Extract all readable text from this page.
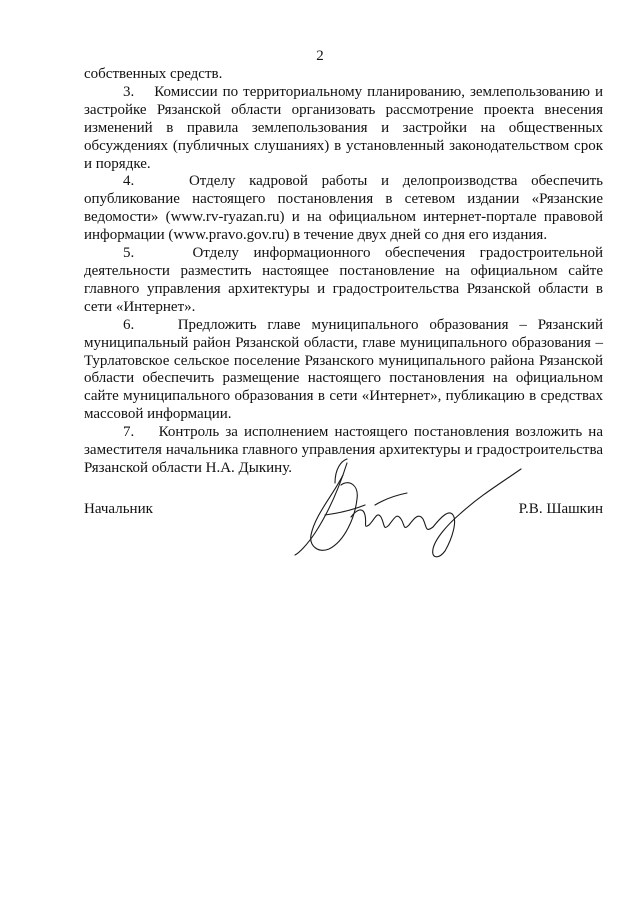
2

собственных средств.

3.    Комиссии по территориальному планированию, землепользованию и застройке Рязанской области организовать рассмотрение проекта внесения изменений в правила землепользования и застройки на общественных обсуждениях (публичных слушаниях) в установленный законодательством срок и порядке.

4.    Отделу кадровой работы и делопроизводства обеспечить опубликование настоящего постановления в сетевом издании «Рязанские ведомости» (www.rv-ryazan.ru) и на официальном интернет-портале правовой информации (www.pravo.gov.ru) в течение двух дней со дня его издания.

5.    Отделу информационного обеспечения градостроительной деятельности разместить настоящее постановление на официальном сайте главного управления архитектуры и градостроительства Рязанской области в сети «Интернет».

6.    Предложить главе муниципального образования – Рязанский муниципальный район Рязанской области, главе муниципального образования – Турлатовское сельское поселение Рязанского муниципального района Рязанской области обеспечить размещение настоящего постановления на официальном сайте муниципального образования в сети «Интернет», публикацию в средствах массовой информации.

7.    Контроль за исполнением настоящего постановления возложить на заместителя начальника главного управления архитектуры и градостроительства Рязанской области Н.А. Дыкину.

Начальник	Р.В. Шашкин
